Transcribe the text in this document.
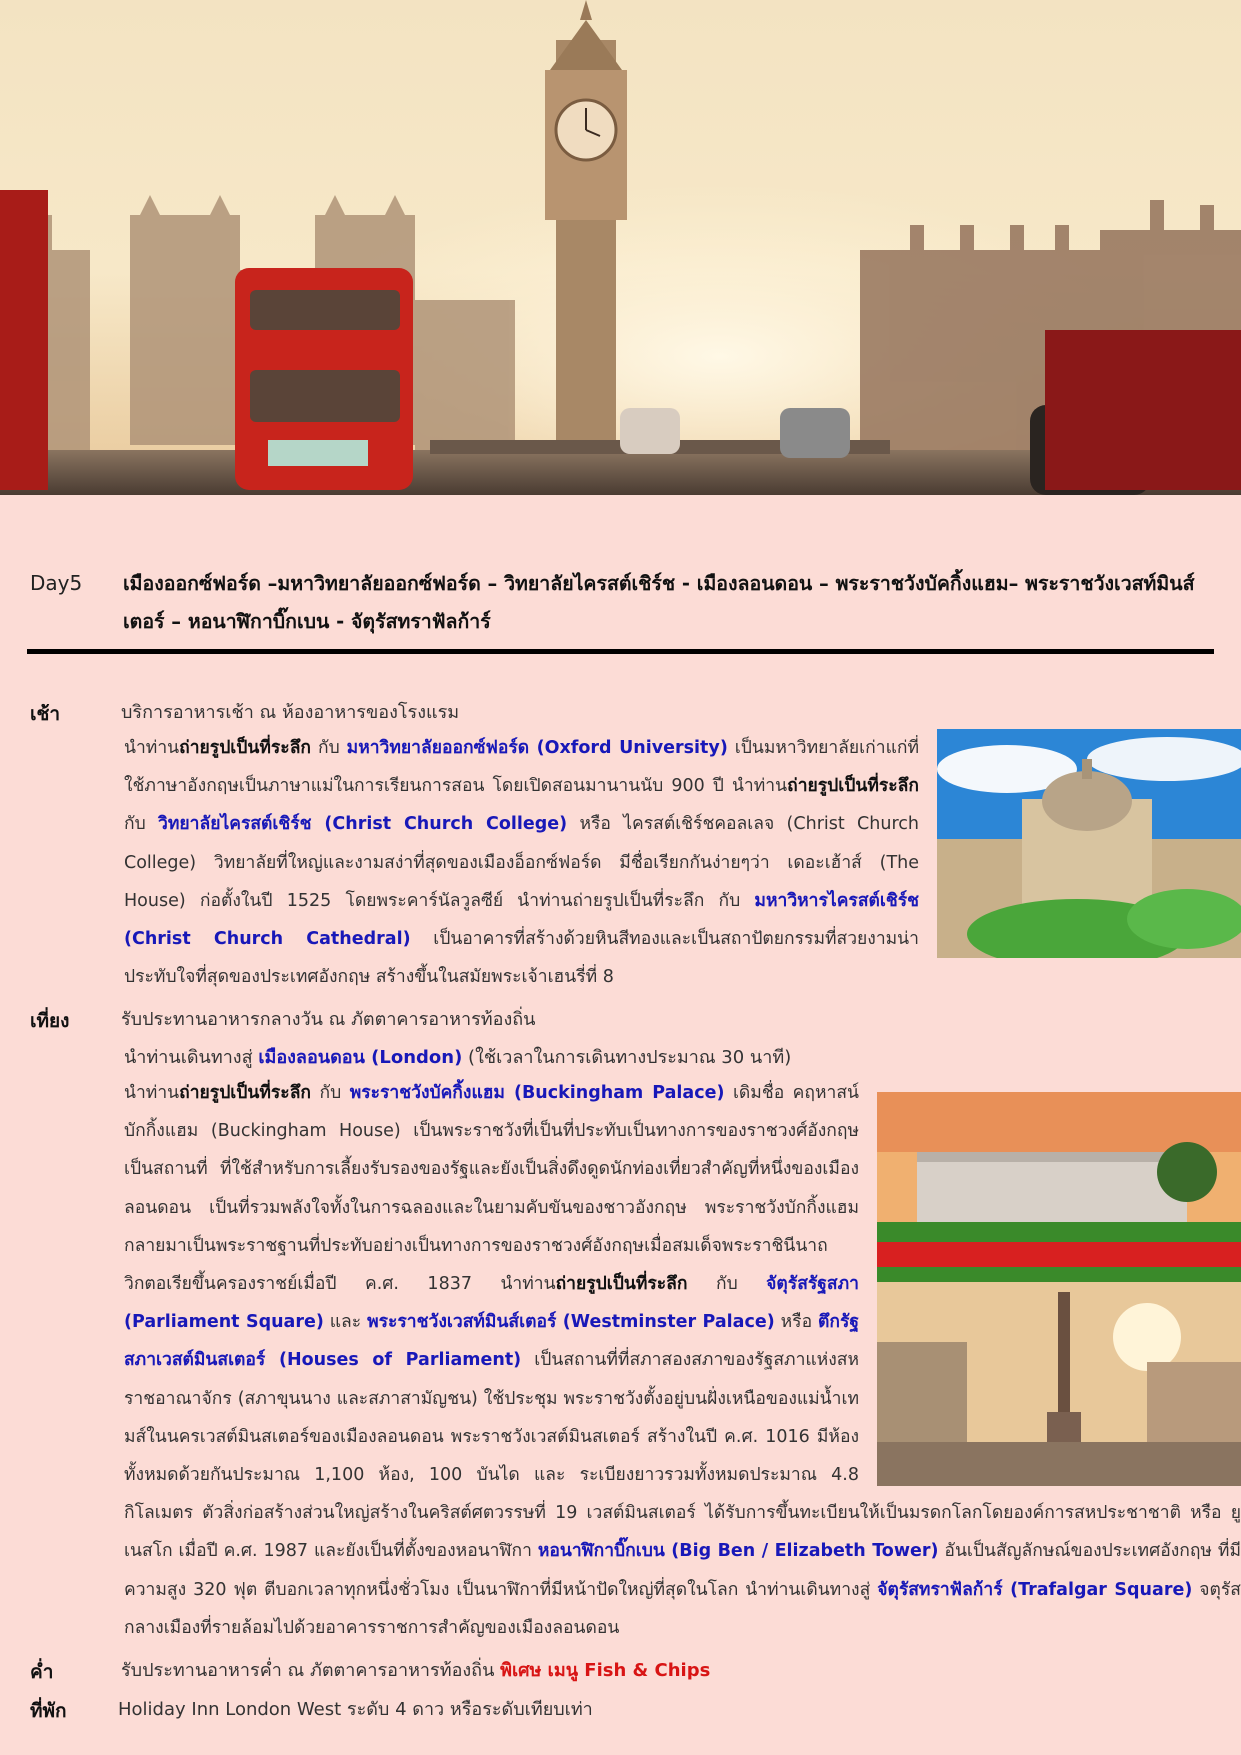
Day5 เมืองออกซ์ฟอร์ด –มหาวิทยาลัยออกซ์ฟอร์ด – วิทยาลัยไครสต์เชิร์ช - เมืองลอนดอน – พระราชวังบัคกิ้งแฮม– พระราชวังเวสท์มินส์เตอร์ – หอนาฬิกาบิ๊กเบน - จัตุรัสทราฟัลก้าร์
เช้า	บริการอาหารเช้า ณ ห้องอาหารของโรงแรม
นำท่านถ่ายรูปเป็นที่ระลึก กับ มหาวิทยาลัยออกซ์ฟอร์ด (Oxford University) เป็นมหาวิทยาลัยเก่าแก่ที่ใช้ภาษาอังกฤษเป็นภาษาแม่ในการเรียนการสอน โดยเปิดสอนมานานนับ 900 ปี นำท่านถ่ายรูปเป็นที่ระลึก กับ วิทยาลัยไครสต์เชิร์ช (Christ Church College) หรือ ไครสต์เชิร์ชคอลเลจ (Christ Church College) วิทยาลัยที่ใหญ่และงามสง่าที่สุดของเมืองอ็อกซ์ฟอร์ด มีชื่อเรียกกันง่ายๆว่า เดอะเฮ้าส์ (The House) ก่อตั้งในปี 1525 โดยพระคาร์นัลวูลซีย์ นำท่านถ่ายรูปเป็นที่ระลึก กับ มหาวิหารไครสต์เชิร์ช (Christ Church Cathedral) เป็นอาคารที่สร้างด้วยหินสีทองและเป็นสถาปัตยกรรมที่สวยงามน่าประทับใจที่สุดของประเทศอังกฤษ สร้างขึ้นในสมัยพระเจ้าเฮนรี่ที่ 8
เที่ยง	รับประทานอาหารกลางวัน ณ ภัตตาคารอาหารท้องถิ่น
นำท่านเดินทางสู่ เมืองลอนดอน (London) (ใช้เวลาในการเดินทางประมาณ 30 นาที)
นำท่านถ่ายรูปเป็นที่ระลึก กับ พระราชวังบัคกิ้งแฮม (Buckingham Palace) เดิมชื่อ คฤหาสน์บักกิ้งแฮม (Buckingham House) เป็นพระราชวังที่เป็นที่ประทับเป็นทางการของราชวงศ์อังกฤษ เป็นสถานที่ ที่ใช้สำหรับการเลี้ยงรับรองของรัฐและยังเป็นสิ่งดึงดูดนักท่องเที่ยวสำคัญที่หนึ่งของเมืองลอนดอน เป็นที่รวมพลังใจทั้งในการฉลองและในยามคับขันของชาวอังกฤษ พระราชวังบักกิ้งแฮมกลายมาเป็นพระราชฐานที่ประทับอย่างเป็นทางการของราชวงศ์อังกฤษเมื่อสมเด็จพระราชินีนาถวิกตอเรียขึ้นครองราชย์เมื่อปี ค.ศ. 1837 นำท่านถ่ายรูปเป็นที่ระลึก กับ จัตุรัสรัฐสภา (Parliament Square) และ พระราชวังเวสท์มินส์เตอร์ (Westminster Palace) หรือ ตึกรัฐสภาเวสต์มินสเตอร์ (Houses of Parliament) เป็นสถานที่ที่สภาสองสภาของรัฐสภาแห่งสหราชอาณาจักร (สภาขุนนาง และสภาสามัญชน) ใช้ประชุม พระราชวังตั้งอยู่บนฝั่งเหนือของแม่น้ำเทมส์ในนครเวสต์มินสเตอร์ของเมืองลอนดอน พระราชวังเวสต์มินสเตอร์ สร้างในปี ค.ศ. 1016 มีห้องทั้งหมดด้วยกันประมาณ 1,100 ห้อง, 100 บันได และ ระเบียงยาวรวมทั้งหมดประมาณ 4.8 กิโลเมตร ตัวสิ่งก่อสร้างส่วนใหญ่สร้างในคริสต์ศตวรรษที่ 19 เวสต์มินสเตอร์ ได้รับการขึ้นทะเบียนให้เป็นมรดกโลกโดยองค์การสหประชาชาติ หรือ ยูเนสโก เมื่อปี ค.ศ. 1987 และยังเป็นที่ตั้งของหอนาฬิกา หอนาฬิกาบิ๊กเบน (Big Ben / Elizabeth Tower) อันเป็นสัญลักษณ์ของประเทศอังกฤษ ที่มีความสูง 320 ฟุต ตีบอกเวลาทุกหนึ่งชั่วโมง เป็นนาฬิกาที่มีหน้าปัดใหญ่ที่สุดในโลก นำท่านเดินทางสู่ จัตุรัสทราฟัลก้าร์ (Trafalgar Square) จตุรัสกลางเมืองที่รายล้อมไปด้วยอาคารราชการสำคัญของเมืองลอนดอน
ค่ำ	รับประทานอาหารค่ำ ณ ภัตตาคารอาหารท้องถิ่น พิเศษ เมนู Fish & Chips
ที่พัก	Holiday Inn London West ระดับ 4 ดาว หรือระดับเทียบเท่า
